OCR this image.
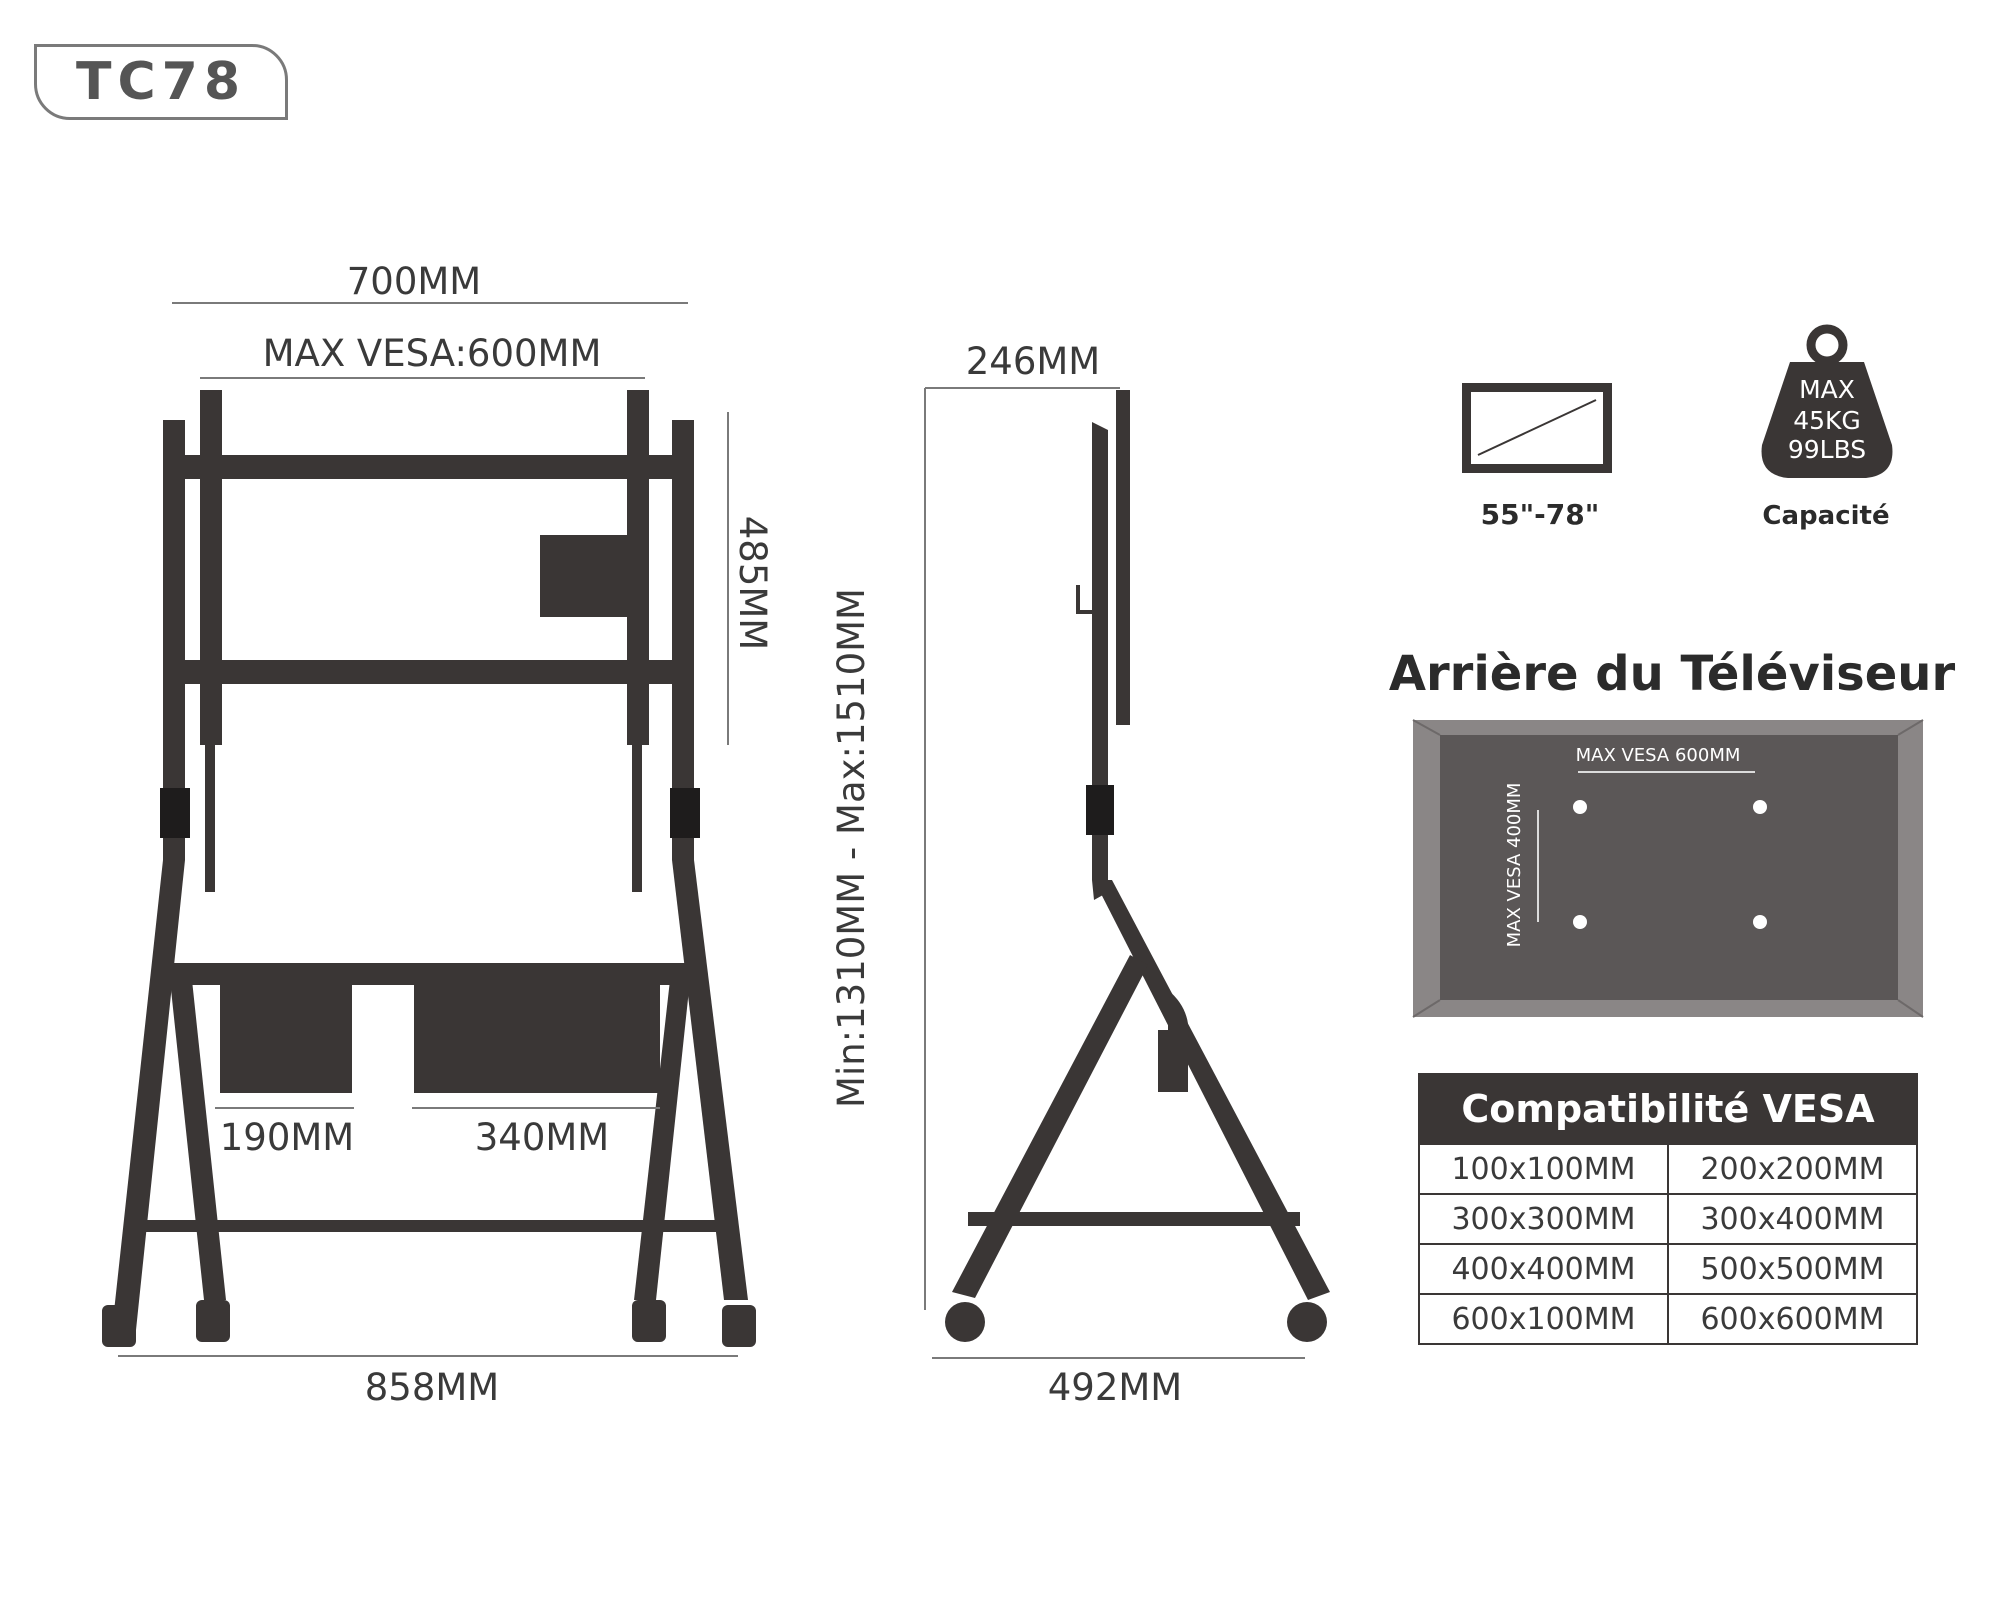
TC78
700MM
MAX VESA:600MM
485MM
190MM	340MM
858MM
246MM
Min:1310MM - Max:1510MM
492MM
55"-78"
MAX
45KG
99LBS
Capacité
Arrière du Téléviseur
MAX VESA 600MM
MAX VESA 400MM
Compatibilité VESA	
100x100MM	200x200MM
300x300MM	300x400MM
400x400MM	500x500MM
600x100MM	600x600MM
